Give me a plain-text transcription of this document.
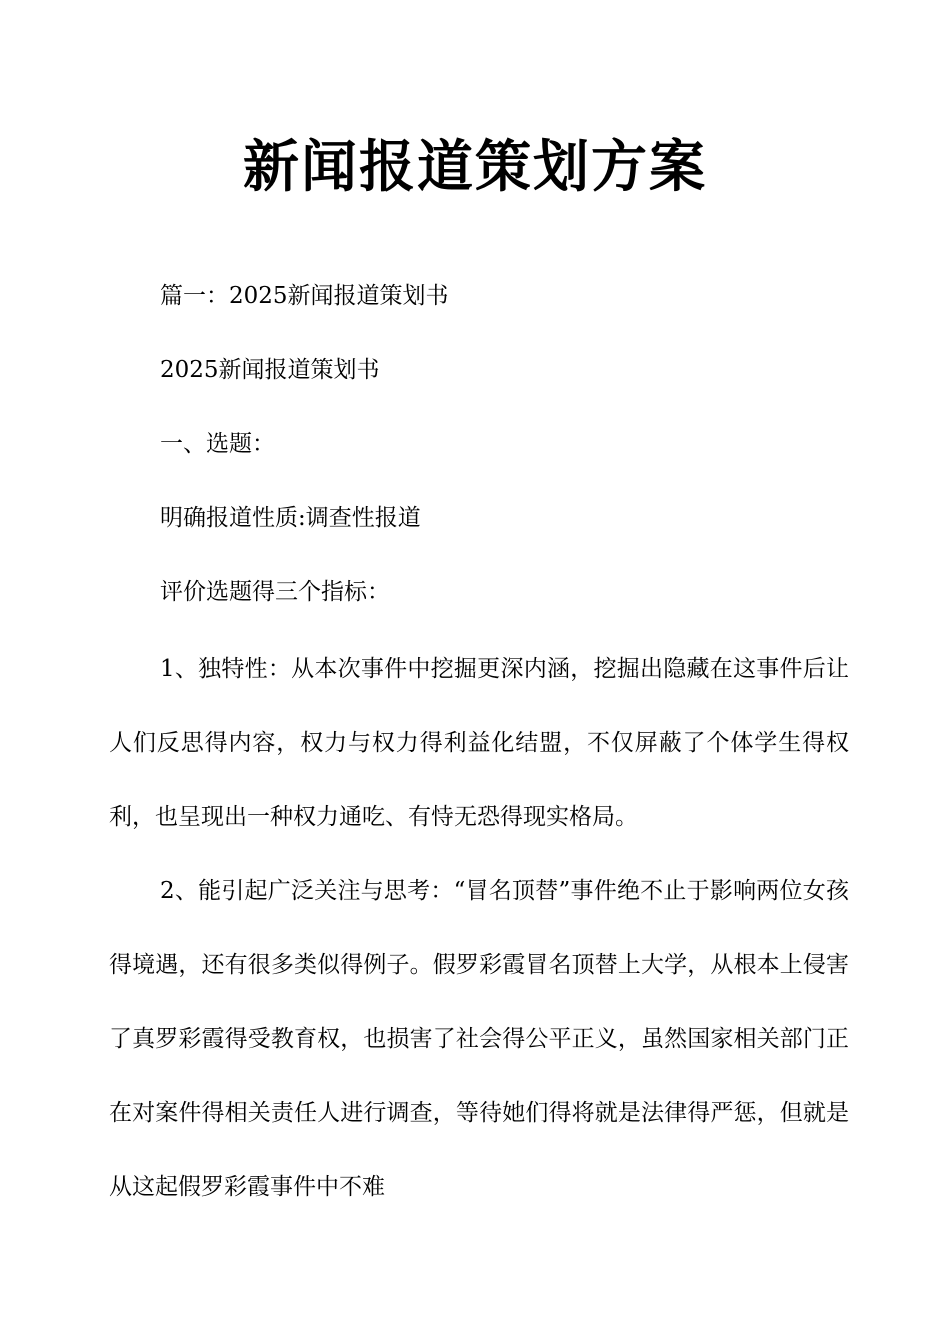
新闻报道策划方案
篇一：2025新闻报道策划书
2025新闻报道策划书
一、选题：
明确报道性质:调查性报道
评价选题得三个指标：
1、独特性：从本次事件中挖掘更深内涵，挖掘出隐藏在这事件后让人们反思得内容，权力与权力得利益化结盟，不仅屏蔽了个体学生得权利，也呈现出一种权力通吃、有恃无恐得现实格局。
2、能引起广泛关注与思考：“冒名顶替”事件绝不止于影响两位女孩得境遇，还有很多类似得例子。假罗彩霞冒名顶替上大学，从根本上侵害了真罗彩霞得受教育权，也损害了社会得公平正义，虽然国家相关部门正在对案件得相关责任人进行调查，等待她们得将就是法律得严惩，但就是从这起假罗彩霞事件中不难
